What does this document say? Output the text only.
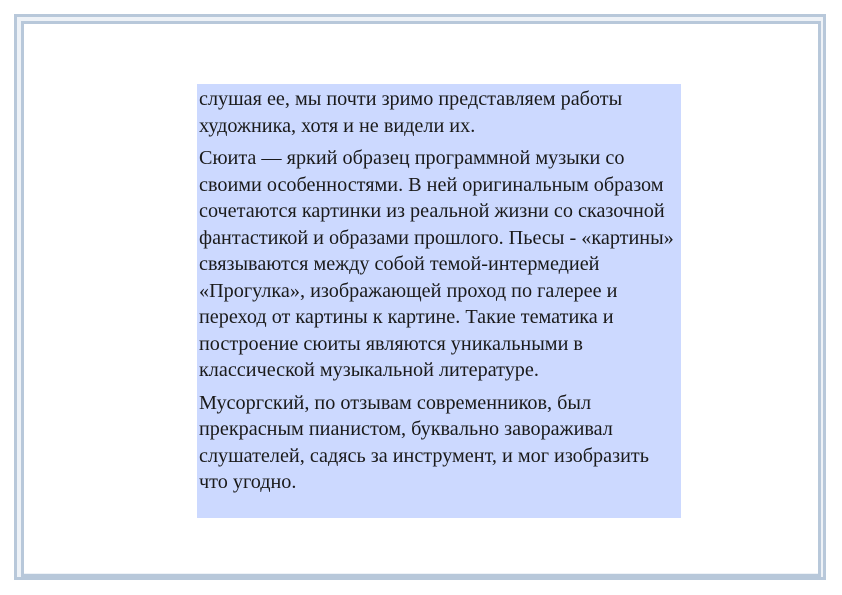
слушая ее, мы почти зримо представляем работы художника, хотя и не видели их.

Сюита — яркий образец программной музыки со своими особенностями. В ней оригинальным образом сочетаются картинки из реальной жизни со сказочной фантастикой и образами прошлого. Пьесы - «картины» связываются между собой темой-интермедией «Прогулка», изображающей проход по галерее и переход от картины к картине. Такие тематика и построение сюиты являются уникальными в классической музыкальной литературе.

Мусоргский, по отзывам современников, был прекрасным пианистом, буквально завораживал слушателей, садясь за инструмент, и мог изобразить что угодно.
